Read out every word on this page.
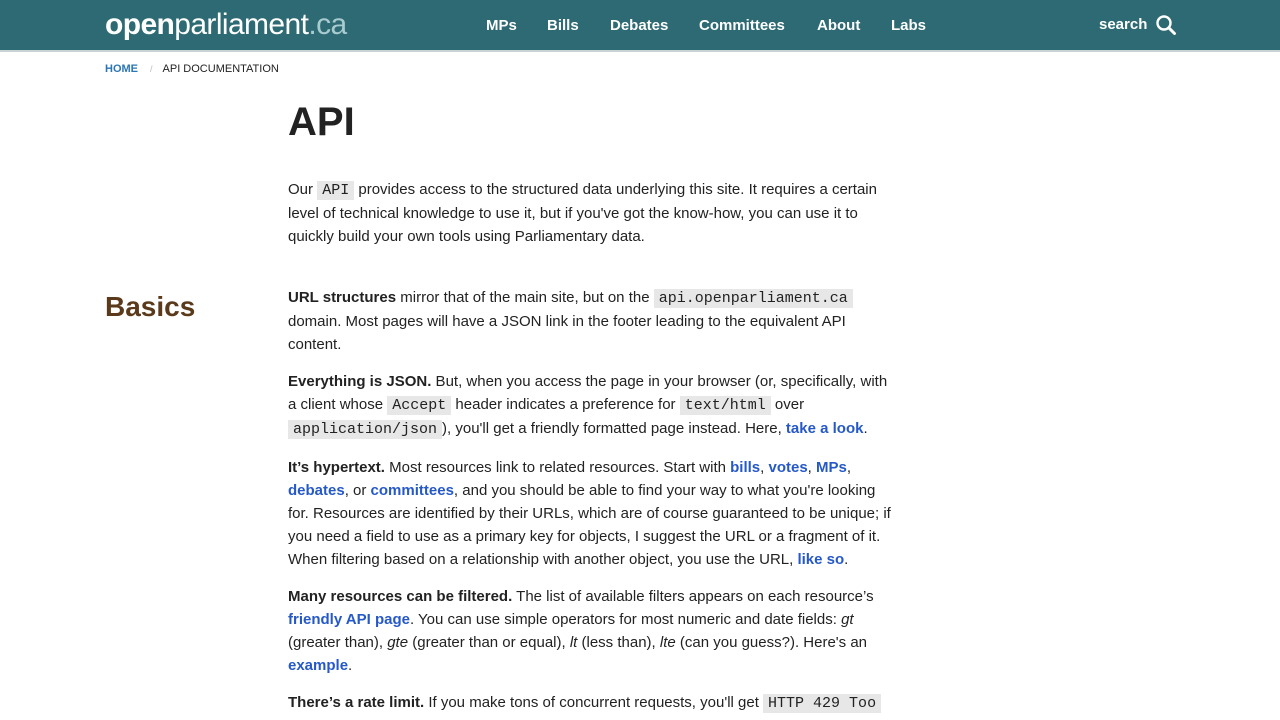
openparliament.ca	MPs Bills Debates Committees About Labs	search
HOME / API DOCUMENTATION
API
Basics

Our API provides access to the structured data underlying this site. It requires a certain level of technical knowledge to use it, but if you've got the know-how, you can use it to quickly build your own tools using Parliamentary data.

URL structures mirror that of the main site, but on the api.openparliament.ca domain. Most pages will have a JSON link in the footer leading to the equivalent API content.

Everything is JSON. But, when you access the page in your browser (or, specifically, with a client whose Accept header indicates a preference for text/html over application/json ), you'll get a friendly formatted page instead. Here, take a look.

It’s hypertext. Most resources link to related resources. Start with bills, votes, MPs, debates, or committees, and you should be able to find your way to what you're looking for. Resources are identified by their URLs, which are of course guaranteed to be unique; if you need a field to use as a primary key for objects, I suggest the URL or a fragment of it. When filtering based on a relationship with another object, you use the URL, like so.

Many resources can be filtered. The list of available filters appears on each resource’s friendly API page. You can use simple operators for most numeric and date fields: gt (greater than), gte (greater than or equal), lt (less than), lte (can you guess?). Here's an example.

There’s a rate limit. If you make tons of concurrent requests, you'll get HTTP 429 Too
